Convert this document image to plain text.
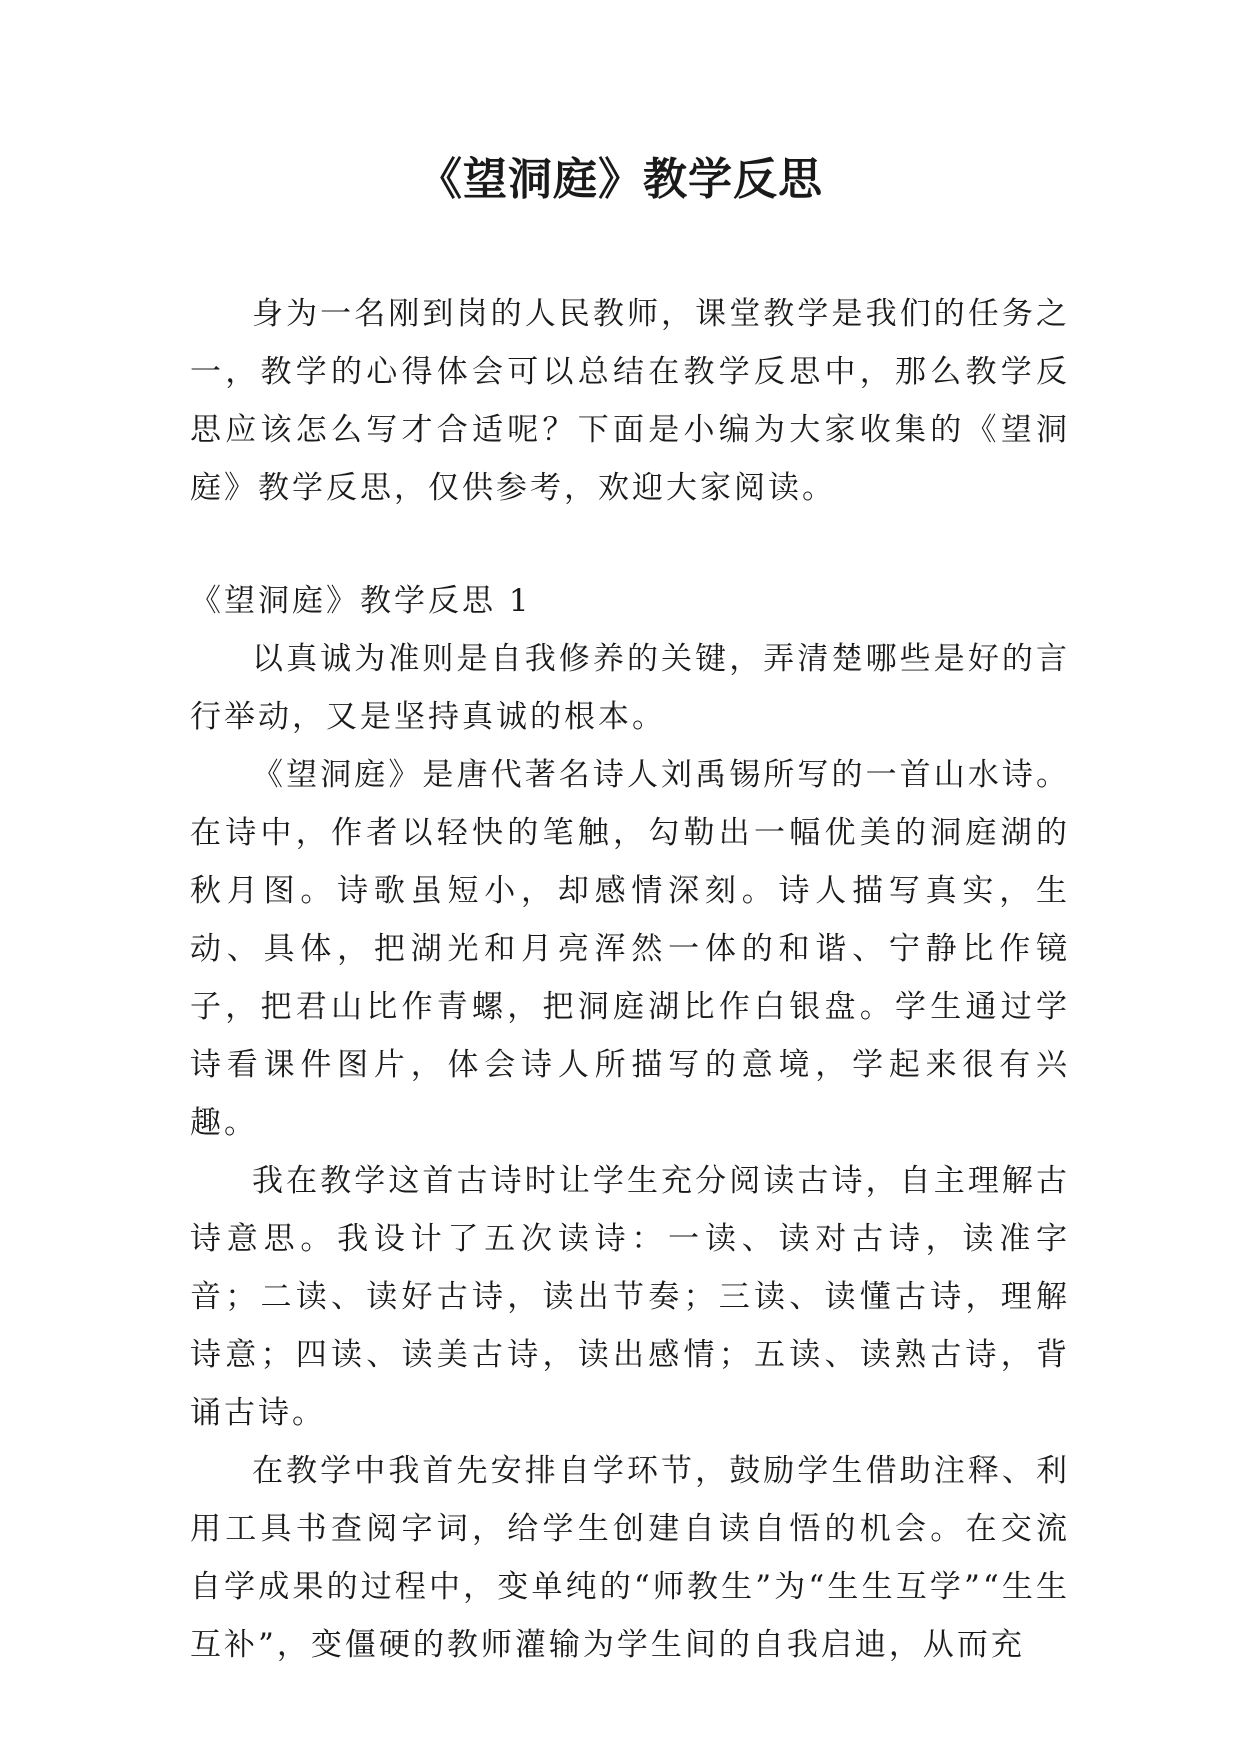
《望洞庭》教学反思

身为一名刚到岗的人民教师，课堂教学是我们的任务之一，教学的心得体会可以总结在教学反思中，那么教学反思应该怎么写才合适呢？下面是小编为大家收集的《望洞庭》教学反思，仅供参考，欢迎大家阅读。

《望洞庭》教学反思 1

以真诚为准则是自我修养的关键，弄清楚哪些是好的言行举动，又是坚持真诚的根本。

《望洞庭》是唐代著名诗人刘禹锡所写的一首山水诗。在诗中，作者以轻快的笔触，勾勒出一幅优美的洞庭湖的秋月图。诗歌虽短小，却感情深刻。诗人描写真实，生动、具体，把湖光和月亮浑然一体的和谐、宁静比作镜子，把君山比作青螺，把洞庭湖比作白银盘。学生通过学诗看课件图片，体会诗人所描写的意境，学起来很有兴趣。

我在教学这首古诗时让学生充分阅读古诗，自主理解古诗意思。我设计了五次读诗：一读、读对古诗，读准字音；二读、读好古诗，读出节奏；三读、读懂古诗，理解诗意；四读、读美古诗，读出感情；五读、读熟古诗，背诵古诗。

在教学中我首先安排自学环节，鼓励学生借助注释、利用工具书查阅字词，给学生创建自读自悟的机会。在交流自学成果的过程中，变单纯的“师教生”为“生生互学”“生生互补”，变僵硬的教师灌输为学生间的自我启迪，从而充
